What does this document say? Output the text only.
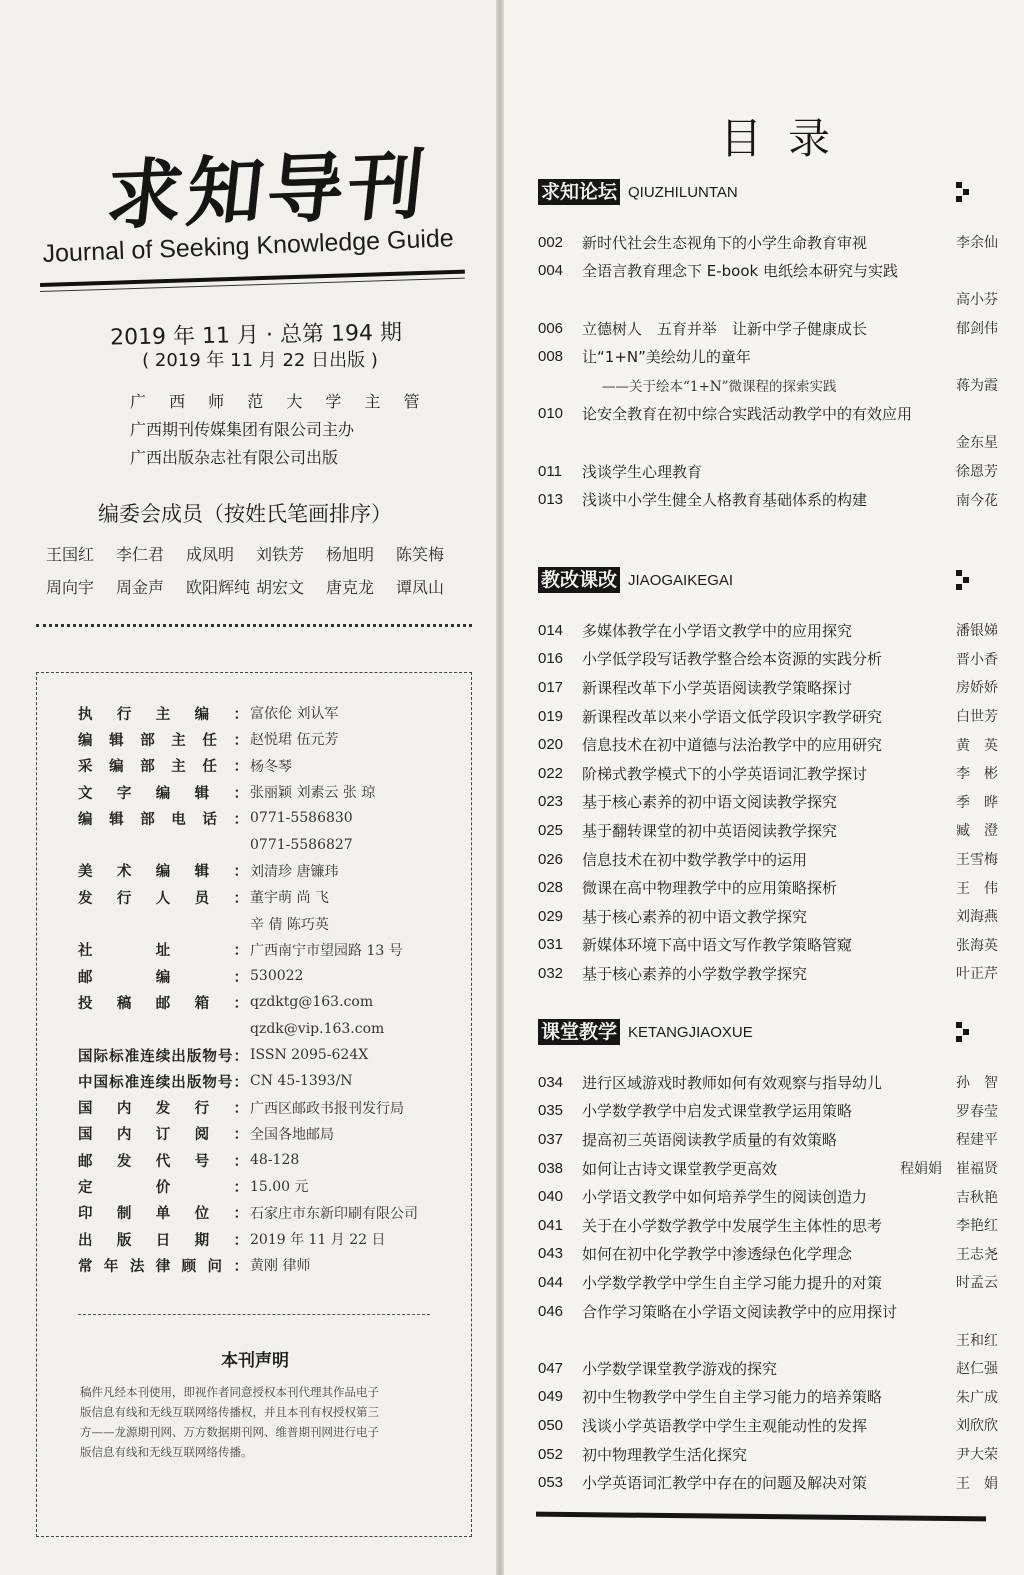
求知导刊
Journal of Seeking Knowledge Guide
2019 年 11 月 · 总第 194 期
( 2019 年 11 月 22 日出版 )
广 西 师 范 大 学 主 管
广西期刊传媒集团有限公司主办
广西出版杂志社有限公司出版
编委会成员（按姓氏笔画排序）
王国红	李仁君	成凤明	刘铁芳	杨旭明	陈笑梅
周向宇	周金声	欧阳辉纯 胡宏文	唐克龙	谭凤山
执 行 主 编 ： 富依伦 刘认军
编 辑 部 主 任 ： 赵悦珺 伍元芳
采 编 部 主 任 ： 杨冬琴
文 字 编 辑 ： 张丽颖 刘素云 张 琼
编 辑 部 电 话 ： 0771-5586830
0771-5586827
美 术 编 辑 ： 刘清珍 唐镰玮
发 行 人 员 ： 董宇萌 尚 飞
辛 倩 陈巧英
社	址	： 广西南宁市望园路 13 号
邮	编	： 530022
投 稿 邮 箱 ： qzdktg@163.com
qzdk@vip.163.com
国 际 标 准 连 续 出 版 物 号 ： ISSN 2095-624X
中 国 标 准 连 续 出 版 物 号 ： CN 45-1393/N
国 内 发 行 ： 广西区邮政书报刊发行局
国 内 订 阅 ： 全国各地邮局
邮 发 代 号 ： 48-128
定	价	： 15.00 元
印 制 单 位 ： 石家庄市东新印刷有限公司
出 版 日 期 ： 2019 年 11 月 22 日
常 年 法 律 顾 问 ： 黄刚 律师
本刊声明
稿件凡经本刊使用，即视作者同意授权本刊代理其作品电子
版信息有线和无线互联网络传播权，并且本刊有权授权第三
方——龙源期刊网、万方数据期刊网、维普期刊网进行电子
版信息有线和无线互联网络传播。
目录
求知论坛 QIUZHILUNTAN
002	新时代社会生态视角下的小学生命教育审视	李余仙
004	全语言教育理念下 E-book 电纸绘本研究与实践
高小芬
006	立德树人　五育并举　让新中学子健康成长	郁剑伟
008	让“1+N”美绘幼儿的童年
——关于绘本“1+N”微课程的探索实践	蒋为霞
010	论安全教育在初中综合实践活动教学中的有效应用
金东星
011	浅谈学生心理教育	徐恩芳
013	浅谈中小学生健全人格教育基础体系的构建	南今花
教改课改 JIAOGAIKEGAI
014	多媒体教学在小学语文教学中的应用探究	潘银娣
016	小学低学段写话教学整合绘本资源的实践分析	晋小香
017	新课程改革下小学英语阅读教学策略探讨	房娇娇
019	新课程改革以来小学语文低学段识字教学研究	白世芳
020	信息技术在初中道德与法治教学中的应用研究	黄　英
022	阶梯式教学模式下的小学英语词汇教学探讨	李　彬
023	基于核心素养的初中语文阅读教学探究	季　晔
025	基于翻转课堂的初中英语阅读教学探究	臧　澄
026	信息技术在初中数学教学中的运用	王雪梅
028	微课在高中物理教学中的应用策略探析	王　伟
029	基于核心素养的初中语文教学探究	刘海燕
031	新媒体环境下高中语文写作教学策略管窥	张海英
032	基于核心素养的小学数学教学探究	叶正芹
课堂教学 KETANGJIAOXUE
034	进行区域游戏时教师如何有效观察与指导幼儿	孙　智
035	小学数学教学中启发式课堂教学运用策略	罗春莹
037	提高初三英语阅读教学质量的有效策略	程建平
038	如何让古诗文课堂教学更高效	程娟娟	崔福贤
040	小学语文教学中如何培养学生的阅读创造力	吉秋艳
041	关于在小学数学教学中发展学生主体性的思考	李艳红
043	如何在初中化学教学中渗透绿色化学理念	王志尧
044	小学数学教学中学生自主学习能力提升的对策	时孟云
046	合作学习策略在小学语文阅读教学中的应用探讨
王和红
047	小学数学课堂教学游戏的探究	赵仁强
049	初中生物教学中学生自主学习能力的培养策略	朱广成
050	浅谈小学英语教学中学生主观能动性的发挥	刘欣欣
052	初中物理教学生活化探究	尹大荣
053	小学英语词汇教学中存在的问题及解决对策	王　娟
